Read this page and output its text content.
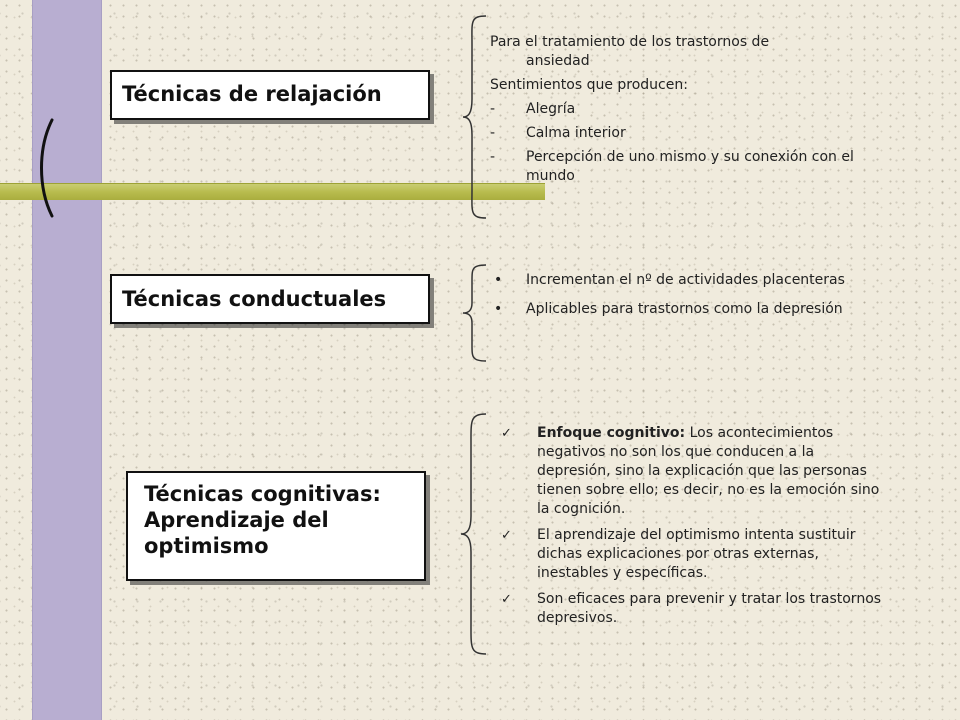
Técnicas de relajación
Técnicas conductuales
Técnicas cognitivas:
Aprendizaje del
optimismo

Para el tratamiento de los trastornos de
ansiedad

Sentimientos que producen:

- Alegría
- Calma interior
- Percepción de uno mismo y su conexión con el mundo
• Incrementan el nº de actividades placenteras
• Aplicables para trastornos como la depresión
✓ Enfoque cognitivo: Los acontecimientos negativos no son los que conducen a la depresión, sino la explicación que las personas tienen sobre ello; es decir, no es la emoción sino la cognición.
✓ El aprendizaje del optimismo intenta sustituir dichas explicaciones por otras externas, inestables y específicas.
✓ Son eficaces para prevenir y tratar los trastornos depresivos.
